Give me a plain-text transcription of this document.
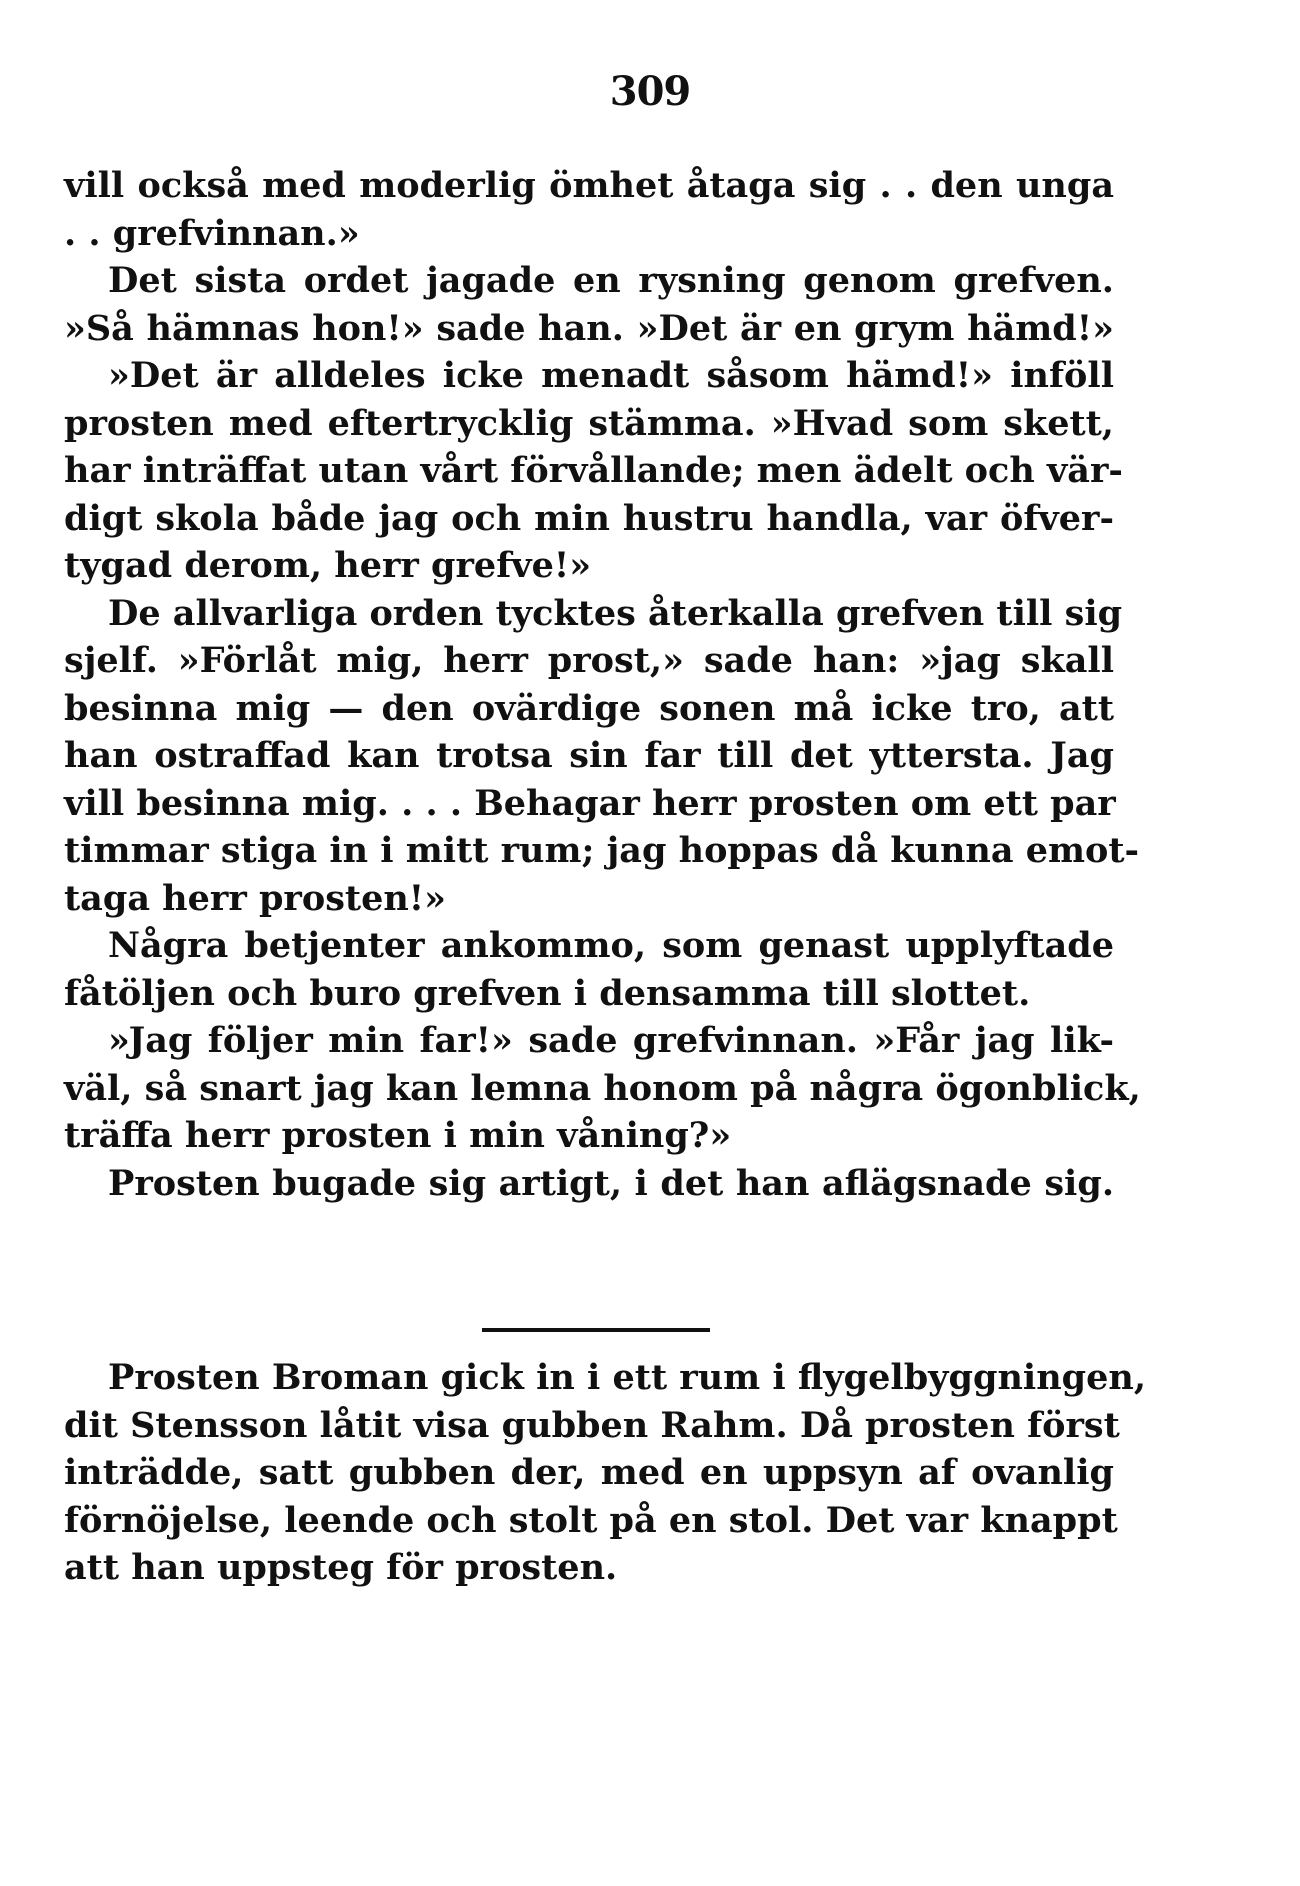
309
vill också med moderlig ömhet åtaga sig . . den unga
. . grefvinnan.»
Det sista ordet jagade en rysning genom grefven.
»Så hämnas hon!» sade han. »Det är en grym hämd!»
»Det är alldeles icke menadt såsom hämd!» inföll
prosten med eftertrycklig stämma. »Hvad som skett,
har inträffat utan vårt förvållande; men ädelt och vär-
digt skola både jag och min hustru handla, var öfver-
tygad derom, herr grefve!»
De allvarliga orden tycktes återkalla grefven till sig
sjelf. »Förlåt mig, herr prost,» sade han: »jag skall
besinna mig — den ovärdige sonen må icke tro, att
han ostraffad kan trotsa sin far till det yttersta. Jag
vill besinna mig. . . . Behagar herr prosten om ett par
timmar stiga in i mitt rum; jag hoppas då kunna emot-
taga herr prosten!»
Några betjenter ankommo, som genast upplyftade
fåtöljen och buro grefven i densamma till slottet.
»Jag följer min far!» sade grefvinnan. »Får jag lik-
väl, så snart jag kan lemna honom på några ögonblick,
träffa herr prosten i min våning?»
Prosten bugade sig artigt, i det han aflägsnade sig.
Prosten Broman gick in i ett rum i flygelbyggningen,
dit Stensson låtit visa gubben Rahm. Då prosten först
inträdde, satt gubben der, med en uppsyn af ovanlig
förnöjelse, leende och stolt på en stol. Det var knappt
att han uppsteg för prosten.
